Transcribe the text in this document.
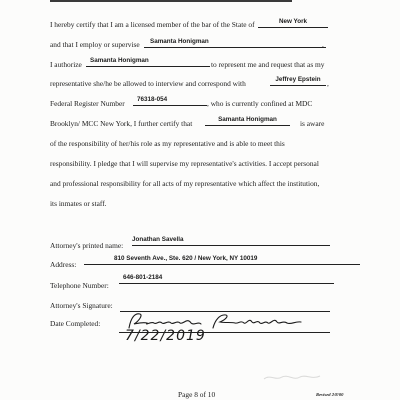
I hereby certify that I am a licensed member of the bar of the State of	New York
and that I employ or supervise	Samanta Honigman	.
I authorize	Samanta Honigman	to represent me and request that as my
representative she/he be allowed to interview and correspond with	Jeffrey Epstein ,
Federal Register Number	76318-054	, who is currently confined at MDC
Brooklyn/ MCC New York, I further certify that	Samanta Honigman	is aware
of the responsibility of her/his role as my representative and is able to meet this
responsibility. I pledge that I will supervise my representative's activities. I accept personal
and professional responsibility for all acts of my representative which affect the institution,
its inmates or staff.
Attorney's printed name:
Jonathan Savella
Address:
810 Seventh Ave., Ste. 620 / New York, NY 10019
Telephone Number:
646-801-2184
Attorney's Signature:
Date Completed:
7/22/2019
Page 8 of 10	Revised 2/8/00
